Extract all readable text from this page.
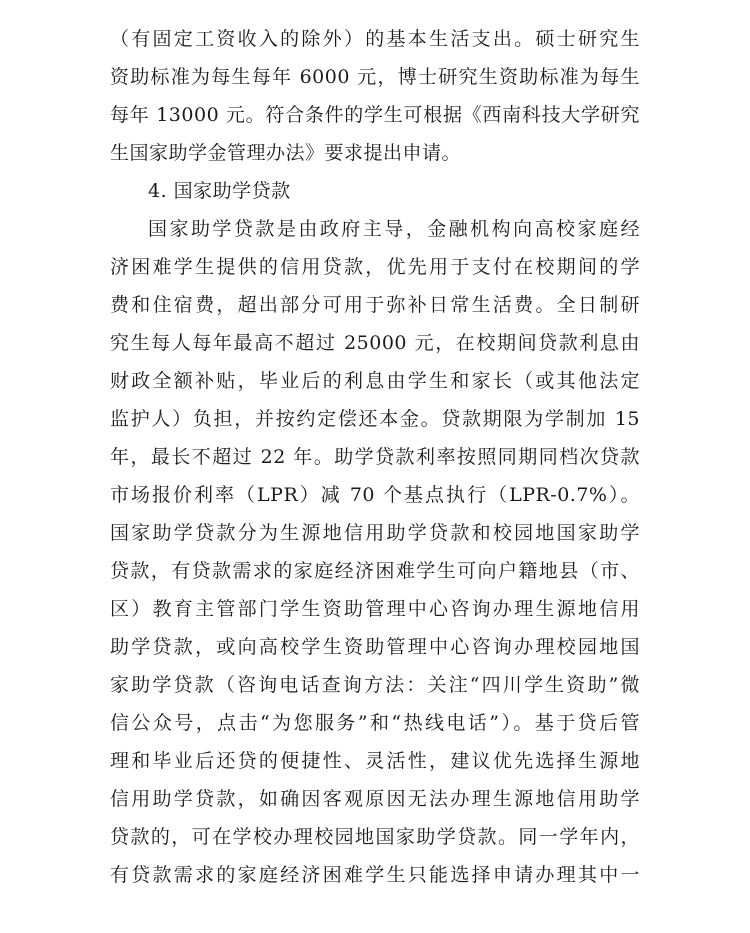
（有固定工资收入的除外）的基本生活支出。硕士研究生
资助标准为每生每年 6000 元，博士研究生资助标准为每生
每年 13000 元。符合条件的学生可根据《西南科技大学研究
生国家助学金管理办法》要求提出申请。
4. 国家助学贷款
国家助学贷款是由政府主导，金融机构向高校家庭经
济困难学生提供的信用贷款，优先用于支付在校期间的学
费和住宿费，超出部分可用于弥补日常生活费。全日制研
究生每人每年最高不超过 25000 元，在校期间贷款利息由
财政全额补贴，毕业后的利息由学生和家长（或其他法定
监护人）负担，并按约定偿还本金。贷款期限为学制加 15
年，最长不超过 22 年。助学贷款利率按照同期同档次贷款
市场报价利率（LPR）减 70 个基点执行（LPR-0.7%）。
国家助学贷款分为生源地信用助学贷款和校园地国家助学
贷款，有贷款需求的家庭经济困难学生可向户籍地县（市、
区）教育主管部门学生资助管理中心咨询办理生源地信用
助学贷款，或向高校学生资助管理中心咨询办理校园地国
家助学贷款（咨询电话查询方法：关注“四川学生资助”微
信公众号，点击“为您服务”和“热线电话”）。基于贷后管
理和毕业后还贷的便捷性、灵活性，建议优先选择生源地
信用助学贷款，如确因客观原因无法办理生源地信用助学
贷款的，可在学校办理校园地国家助学贷款。同一学年内，
有贷款需求的家庭经济困难学生只能选择申请办理其中一
